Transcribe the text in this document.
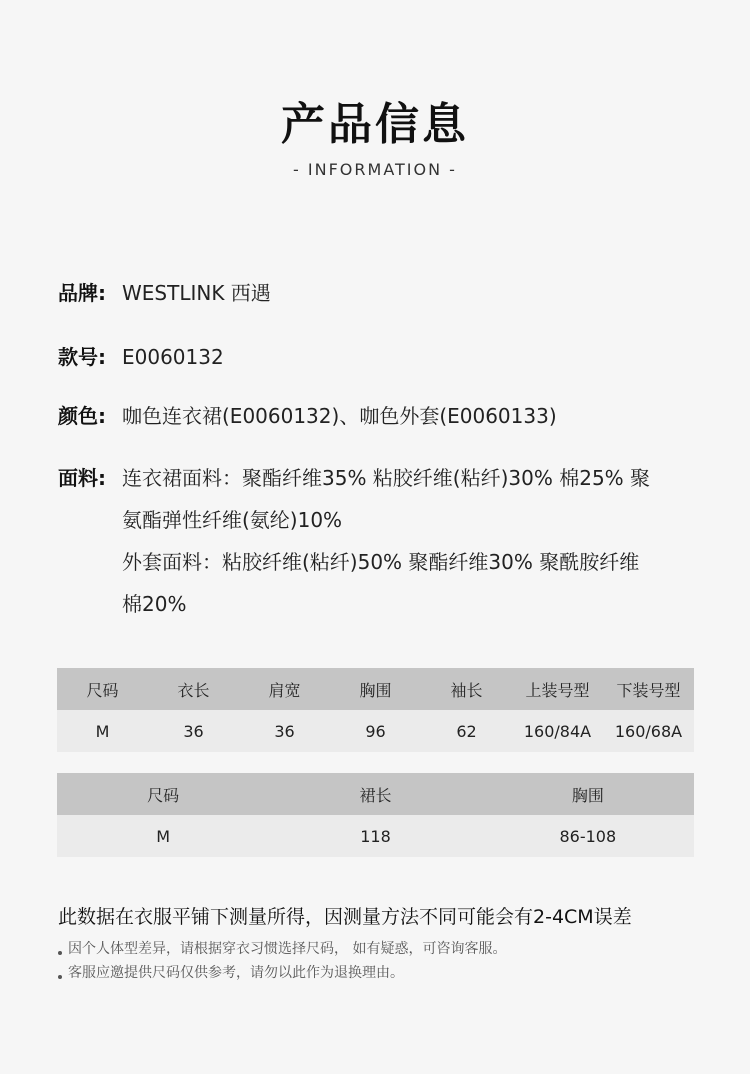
产品信息
- INFORMATION -
品牌: WESTLINK 西遇
款号: E0060132
颜色: 咖色连衣裙(E0060132)、咖色外套(E0060133)
面料: 连衣裙面料：聚酯纤维35% 粘胶纤维(粘纤)30% 棉25% 聚
氨酯弹性纤维(氨纶)10%
外套面料：粘胶纤维(粘纤)50% 聚酯纤维30% 聚酰胺纤维
棉20%
尺码	衣长	肩宽	胸围	袖长	上装号型	下装号型
M	36	36	96	62	160/84A	160/68A
尺码	裙长	胸围
M	118	86-108
此数据在衣服平铺下测量所得，因测量方法不同可能会有2-4CM误差
因个人体型差异，请根据穿衣习惯选择尺码， 如有疑惑，可咨询客服。
客服应邀提供尺码仅供参考，请勿以此作为退换理由。
